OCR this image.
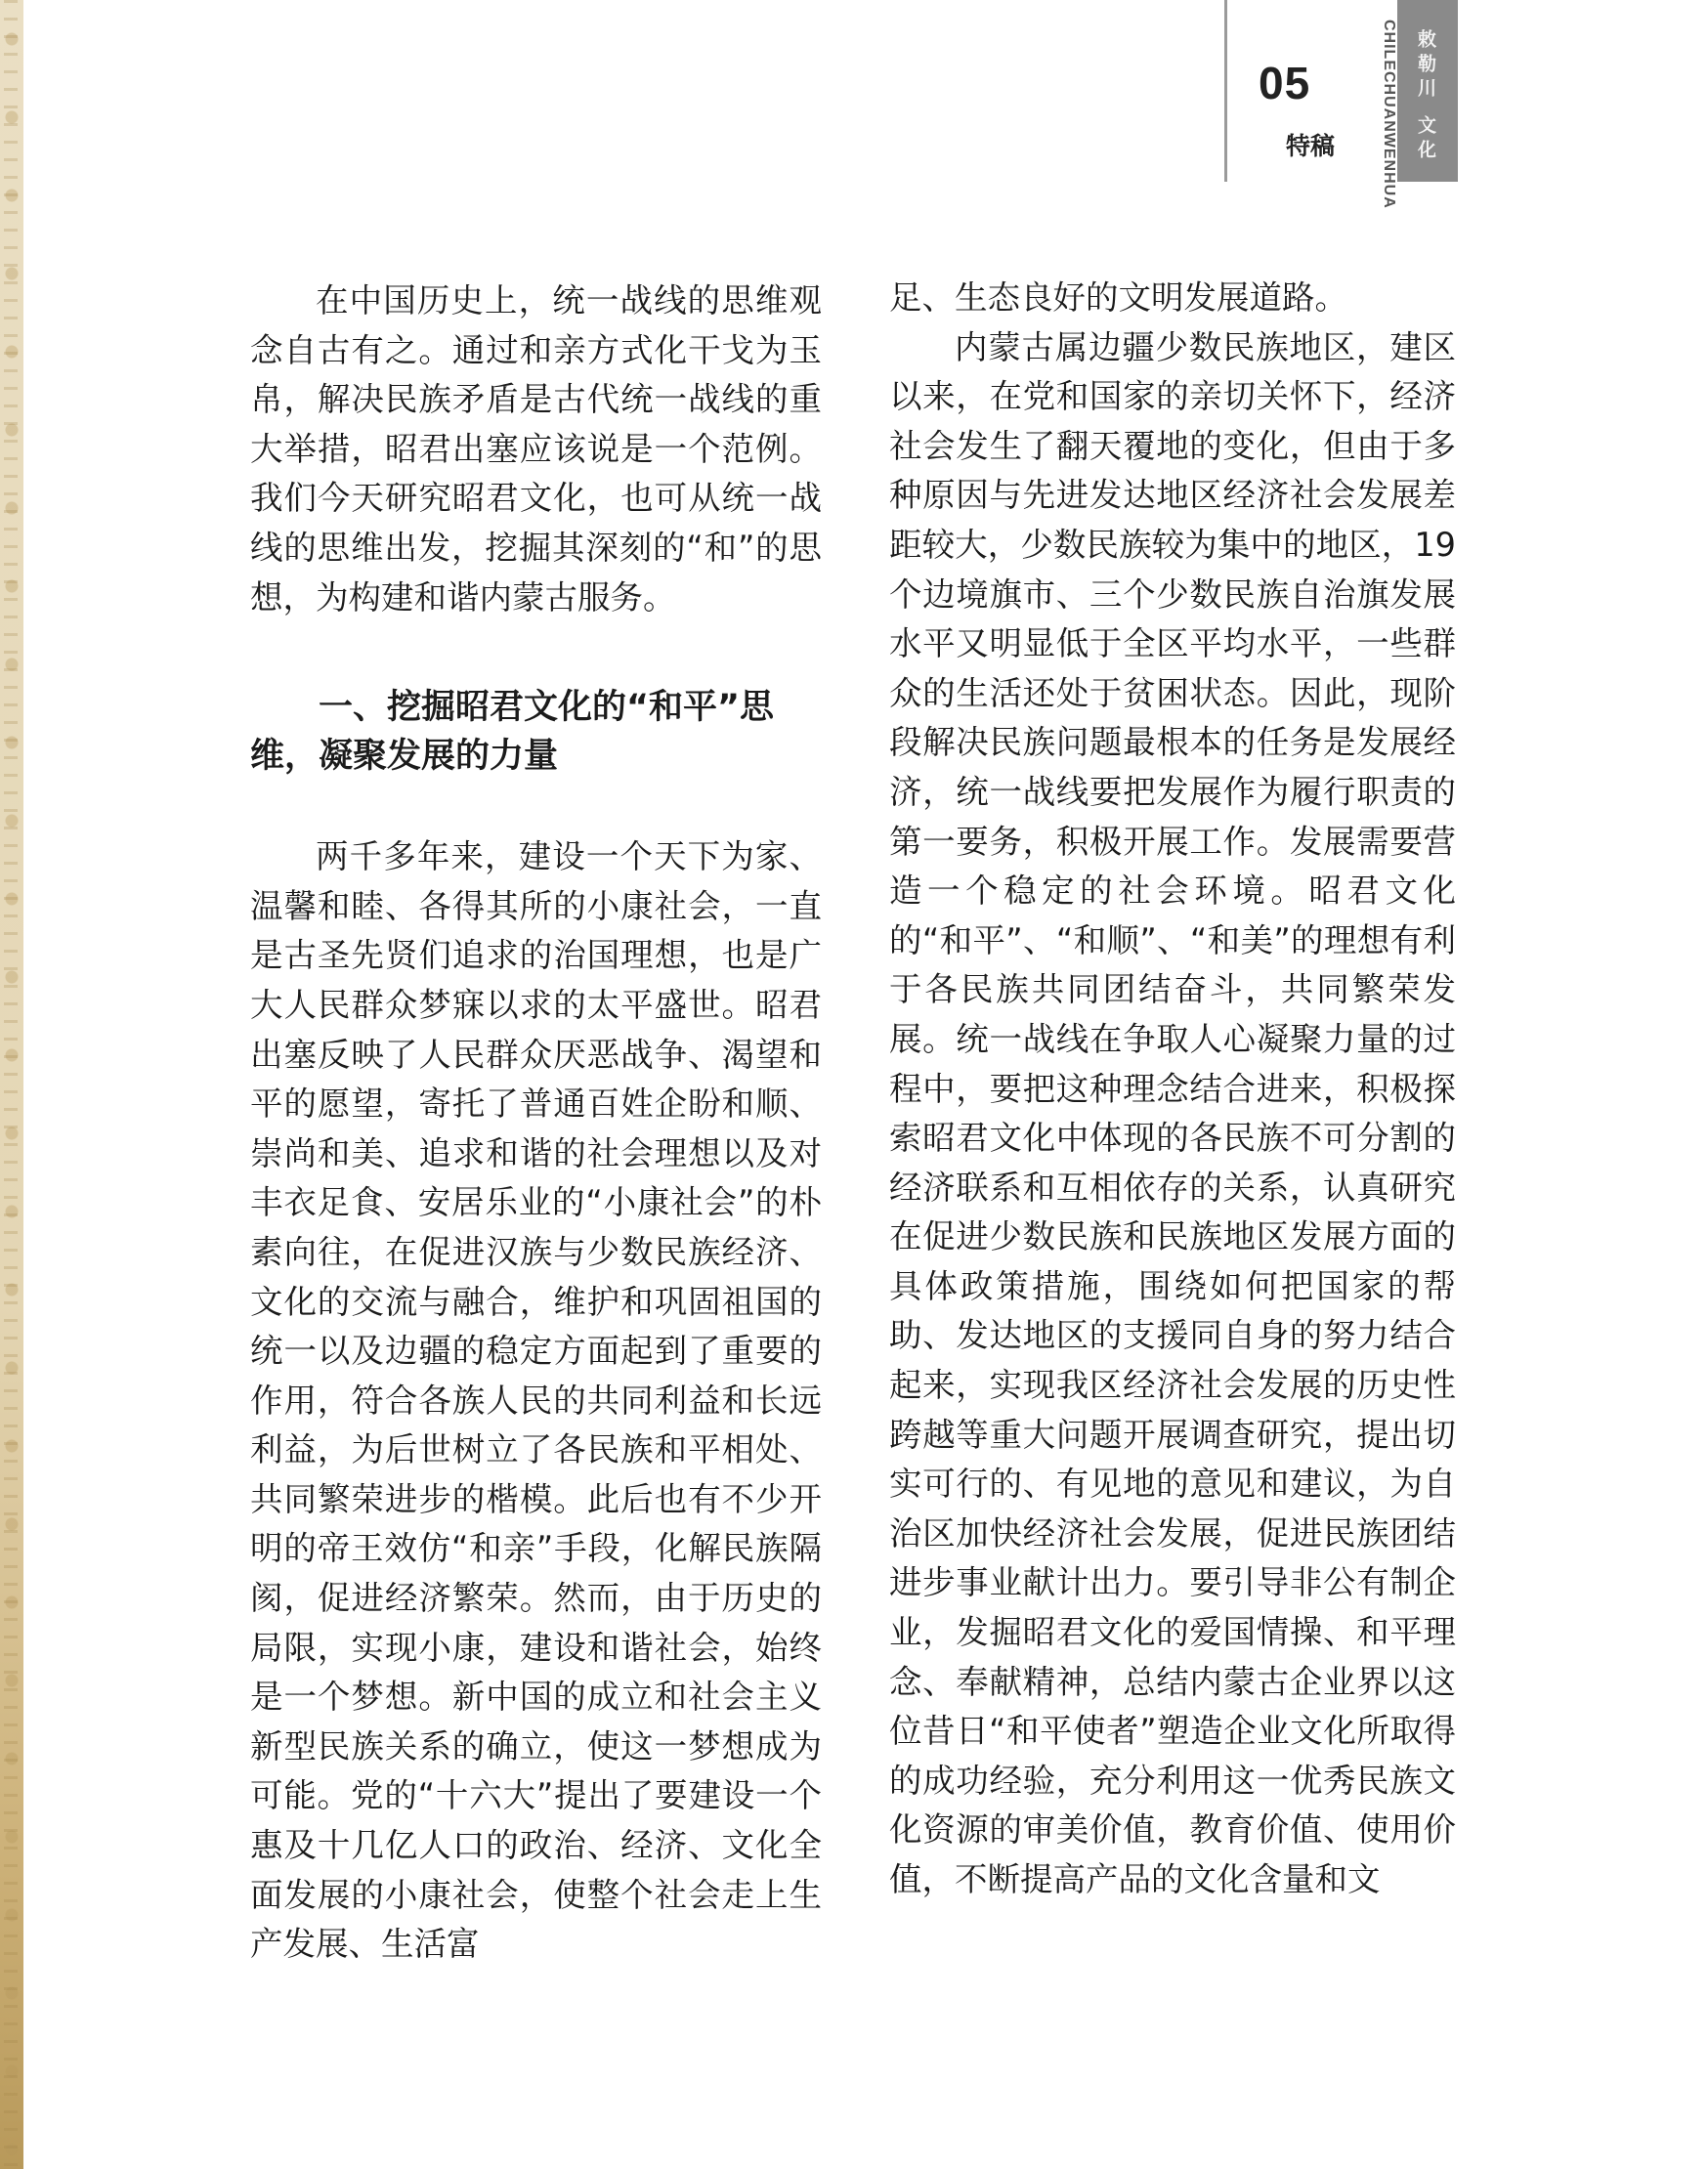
05
特稿	CHILECHUANWENHUA 敕勒川 文化

在中国历史上，统一战线的思维观念自古有之。通过和亲方式化干戈为玉帛，解决民族矛盾是古代统一战线的重大举措，昭君出塞应该说是一个范例。我们今天研究昭君文化，也可从统一战线的思维出发，挖掘其深刻的“和”的思想，为构建和谐内蒙古服务。

一、挖掘昭君文化的“和平”思维，凝聚发展的力量

两千多年来，建设一个天下为家、温馨和睦、各得其所的小康社会，一直是古圣先贤们追求的治国理想，也是广大人民群众梦寐以求的太平盛世。昭君出塞反映了人民群众厌恶战争、渴望和平的愿望，寄托了普通百姓企盼和顺、崇尚和美、追求和谐的社会理想以及对丰衣足食、安居乐业的“小康社会”的朴素向往，在促进汉族与少数民族经济、文化的交流与融合，维护和巩固祖国的统一以及边疆的稳定方面起到了重要的作用，符合各族人民的共同利益和长远利益，为后世树立了各民族和平相处、共同繁荣进步的楷模。此后也有不少开明的帝王效仿“和亲”手段，化解民族隔阂，促进经济繁荣。然而，由于历史的局限，实现小康，建设和谐社会，始终是一个梦想。新中国的成立和社会主义新型民族关系的确立，使这一梦想成为可能。党的“十六大”提出了要建设一个惠及十几亿人口的政治、经济、文化全面发展的小康社会，使整个社会走上生产发展、生活富

足、生态良好的文明发展道路。

内蒙古属边疆少数民族地区，建区以来，在党和国家的亲切关怀下，经济社会发生了翻天覆地的变化，但由于多种原因与先进发达地区经济社会发展差距较大，少数民族较为集中的地区，19个边境旗市、三个少数民族自治旗发展水平又明显低于全区平均水平，一些群众的生活还处于贫困状态。因此，现阶段解决民族问题最根本的任务是发展经济，统一战线要把发展作为履行职责的第一要务，积极开展工作。发展需要营造一个稳定的社会环境。昭君文化的“和平”、“和顺”、“和美”的理想有利于各民族共同团结奋斗，共同繁荣发展。统一战线在争取人心凝聚力量的过程中，要把这种理念结合进来，积极探索昭君文化中体现的各民族不可分割的经济联系和互相依存的关系，认真研究在促进少数民族和民族地区发展方面的具体政策措施，围绕如何把国家的帮助、发达地区的支援同自身的努力结合起来，实现我区经济社会发展的历史性跨越等重大问题开展调查研究，提出切实可行的、有见地的意见和建议，为自治区加快经济社会发展，促进民族团结进步事业献计出力。要引导非公有制企业，发掘昭君文化的爱国情操、和平理念、奉献精神，总结内蒙古企业界以这位昔日“和平使者”塑造企业文化所取得的成功经验，充分利用这一优秀民族文化资源的审美价值，教育价值、使用价值，不断提高产品的文化含量和文
